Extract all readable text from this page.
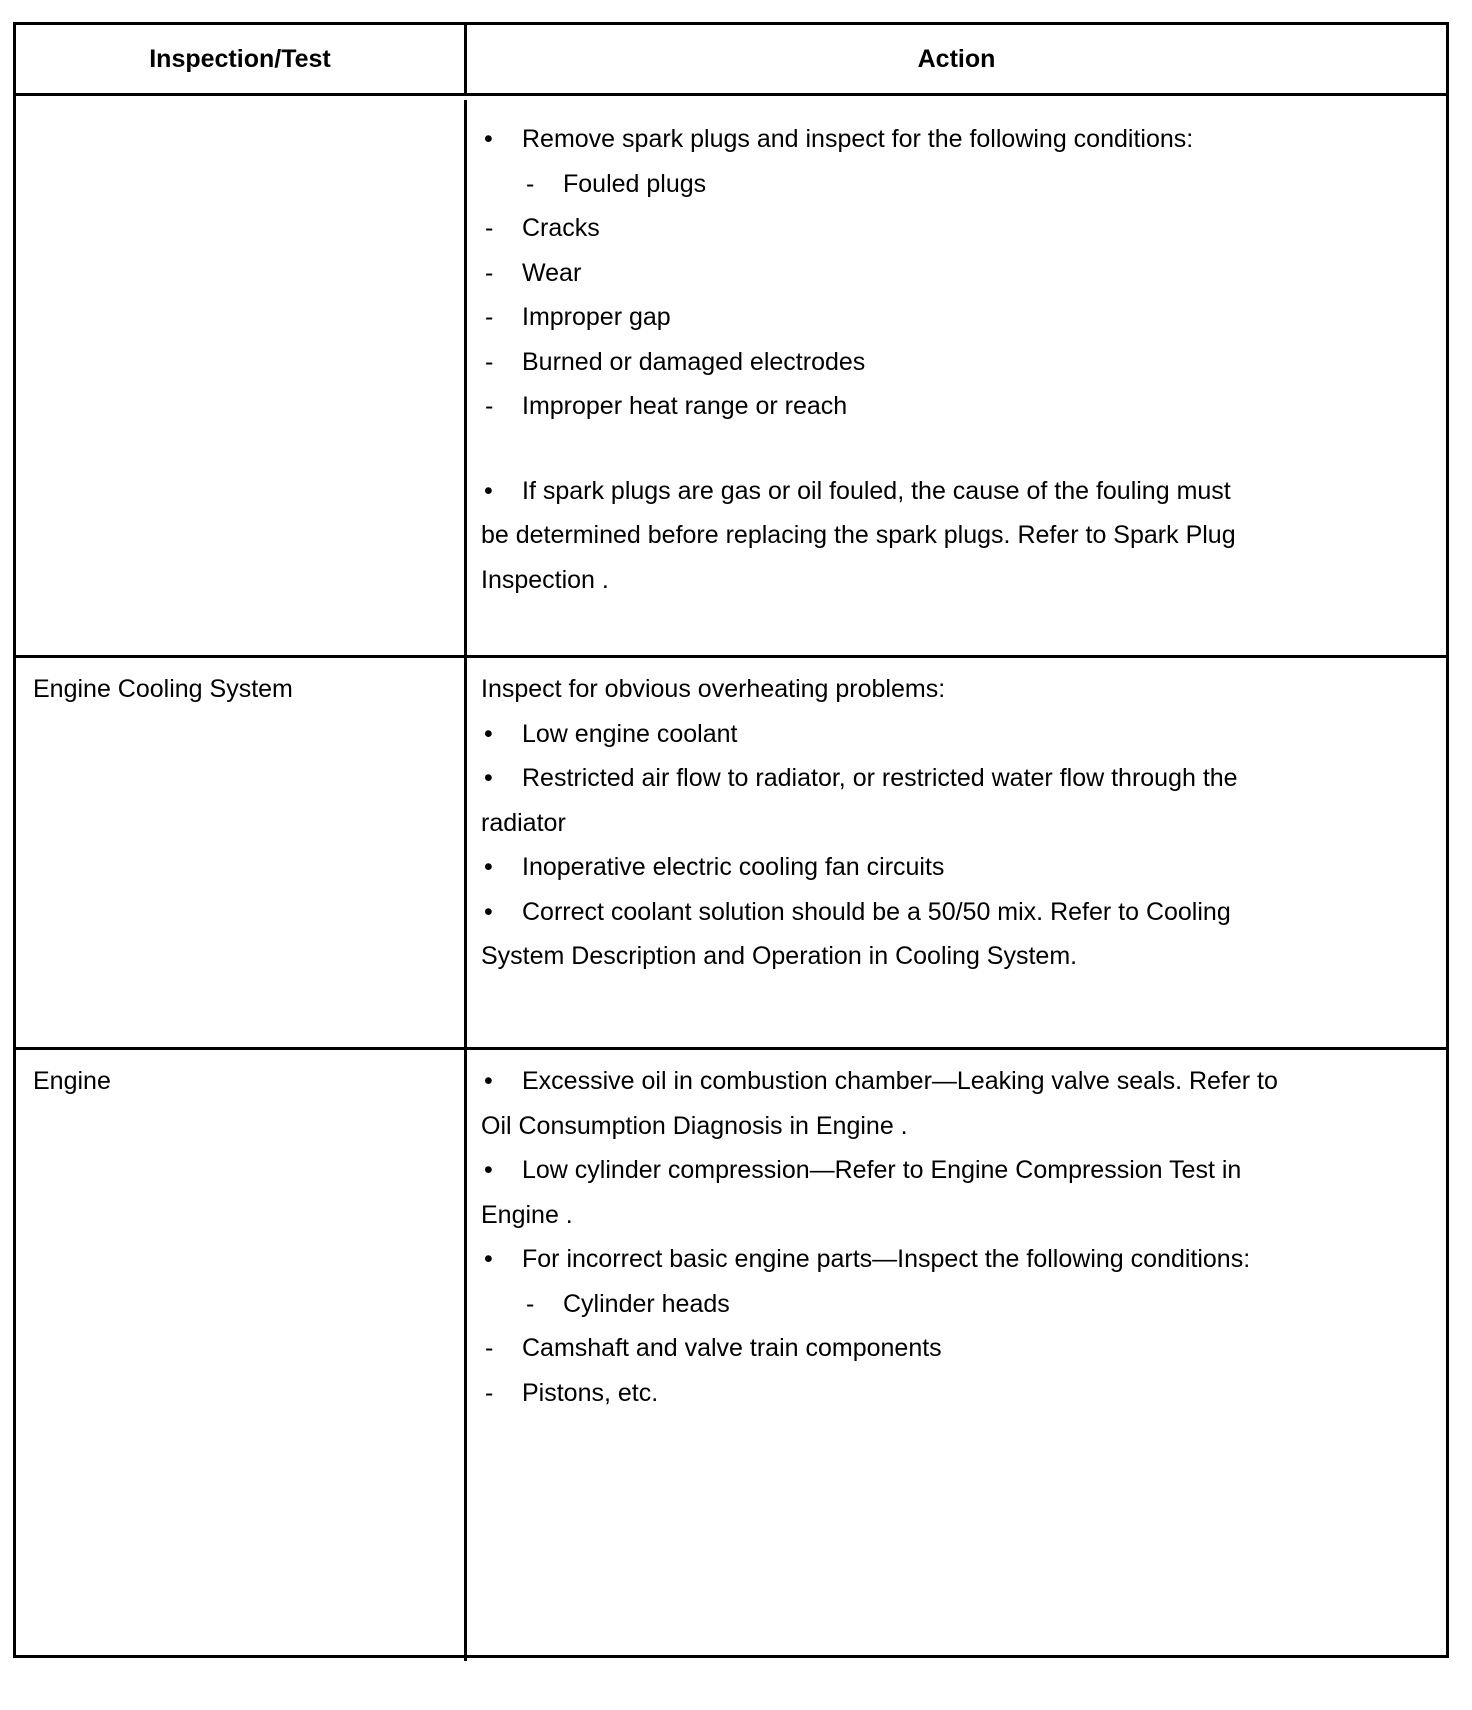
Inspection/Test	Action
• Remove spark plugs and inspect for the following conditions:
- Fouled plugs
- Cracks
- Wear
- Improper gap
- Burned or damaged electrodes
- Improper heat range or reach
• If spark plugs are gas or oil fouled, the cause of the fouling must
be determined before replacing the spark plugs. Refer to Spark Plug
Inspection .
Engine Cooling System	Inspect for obvious overheating problems:
• Low engine coolant
• Restricted air flow to radiator, or restricted water flow through the
radiator
• Inoperative electric cooling fan circuits
• Correct coolant solution should be a 50/50 mix. Refer to Cooling
System Description and Operation in Cooling System.
Engine	• Excessive oil in combustion chamber—Leaking valve seals. Refer to
Oil Consumption Diagnosis in Engine .
• Low cylinder compression—Refer to Engine Compression Test in
Engine .
• For incorrect basic engine parts—Inspect the following conditions:
- Cylinder heads
- Camshaft and valve train components
- Pistons, etc.
